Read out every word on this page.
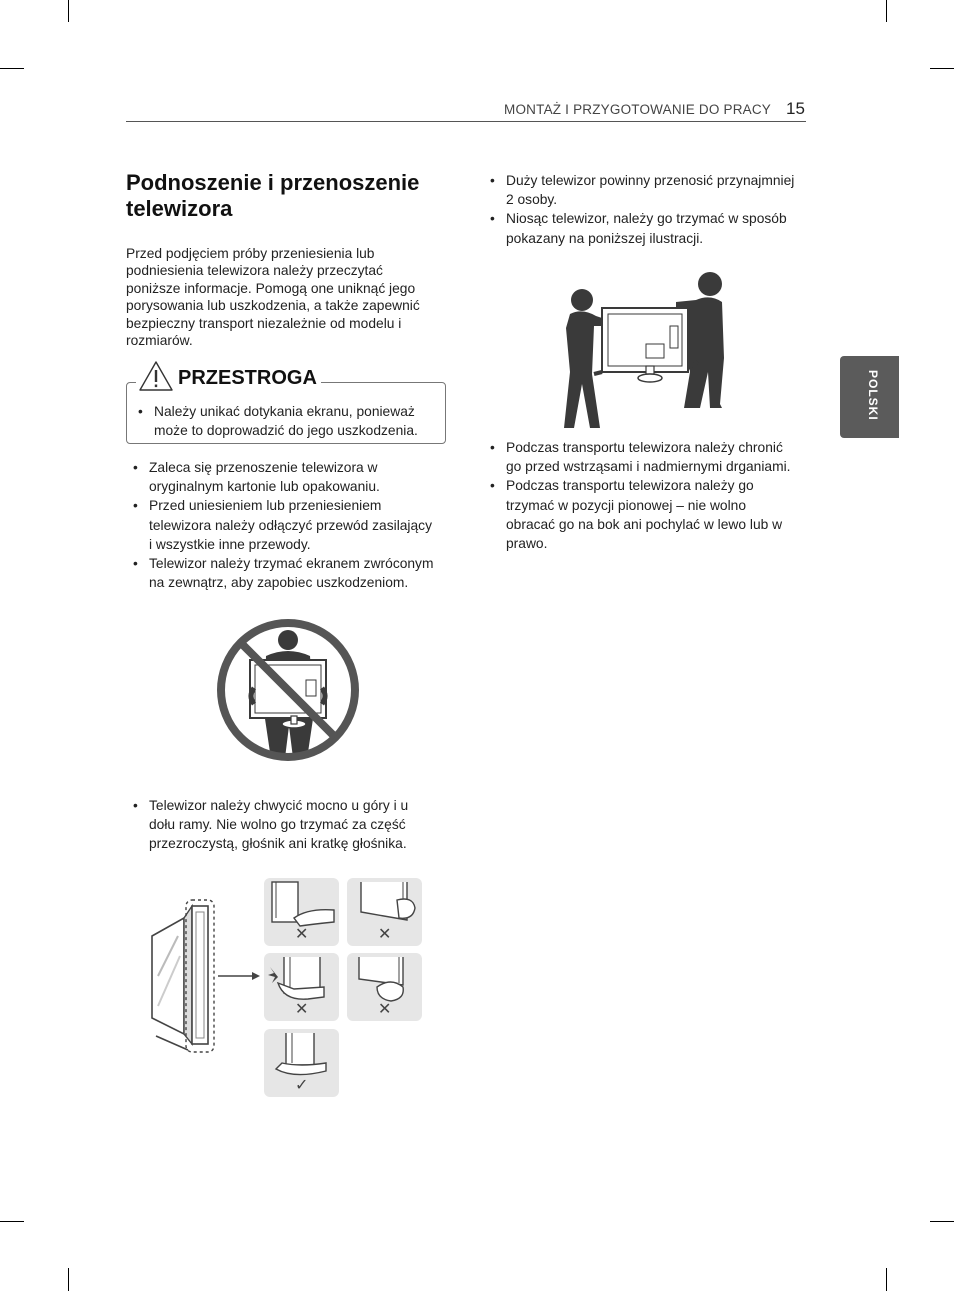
MONTAŻ I PRZYGOTOWANIE DO PRACY 15
POLSKI
Podnoszenie i przenoszenie
telewizora
Przed podjęciem próby przeniesienia lub
podniesienia telewizora należy przeczytać
poniższe informacje. Pomogą one uniknąć jego
porysowania lub uszkodzenia, a także zapewnić
bezpieczny transport niezależnie od modelu i
rozmiarów.
PRZESTROGA
• Należy unikać dotykania ekranu, ponieważ
może to doprowadzić do jego uszkodzenia.
• Zaleca się przenoszenie telewizora w
oryginalnym kartonie lub opakowaniu.
• Przed uniesieniem lub przeniesieniem
telewizora należy odłączyć przewód zasilający
i wszystkie inne przewody.
• Telewizor należy trzymać ekranem zwróconym
na zewnątrz, aby zapobiec uszkodzeniom.
• Telewizor należy chwycić mocno u góry i u
dołu ramy. Nie wolno go trzymać za część
przezroczystą, głośnik ani kratkę głośnika.
✕	✕
✕	✕
✓
• Duży telewizor powinny przenosić przynajmniej
2 osoby.
• Niosąc telewizor, należy go trzymać w sposób
pokazany na poniższej ilustracji.
• Podczas transportu telewizora należy chronić
go przed wstrząsami i nadmiernymi drganiami.
• Podczas transportu telewizora należy go
trzymać w pozycji pionowej – nie wolno
obracać go na bok ani pochylać w lewo lub w
prawo.
